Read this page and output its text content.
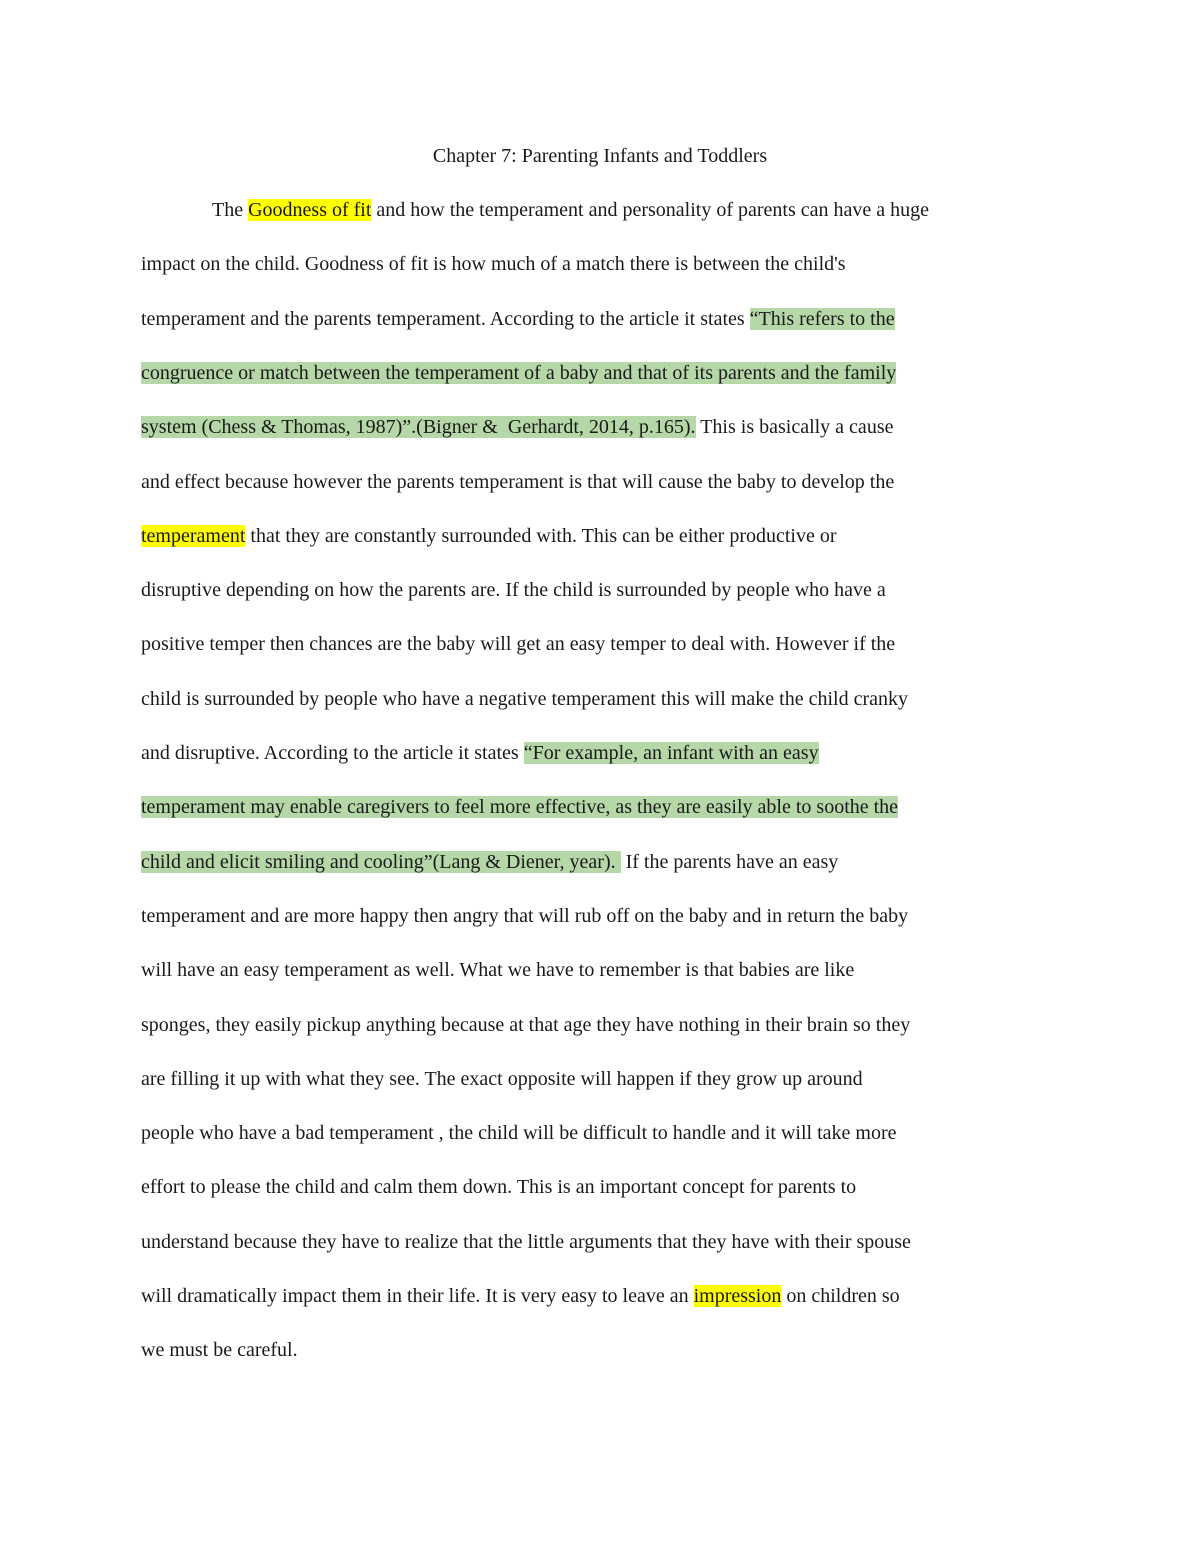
Chapter 7: Parenting Infants and Toddlers
The Goodness of fit and how the temperament and personality of parents can have a huge
impact on the child. Goodness of fit is how much of a match there is between the child's
temperament and the parents temperament. According to the article it states “This refers to the
congruence or match between the temperament of a baby and that of its parents and the family
system (Chess & Thomas, 1987)”.(Bigner &  Gerhardt, 2014, p.165). This is basically a cause
and effect because however the parents temperament is that will cause the baby to develop the
temperament that they are constantly surrounded with. This can be either productive or
disruptive depending on how the parents are. If the child is surrounded by people who have a
positive temper then chances are the baby will get an easy temper to deal with. However if the
child is surrounded by people who have a negative temperament this will make the child cranky
and disruptive. According to the article it states “For example, an infant with an easy
temperament may enable caregivers to feel more effective, as they are easily able to soothe the
child and elicit smiling and cooling”(Lang & Diener, year).  If the parents have an easy
temperament and are more happy then angry that will rub off on the baby and in return the baby
will have an easy temperament as well. What we have to remember is that babies are like
sponges, they easily pickup anything because at that age they have nothing in their brain so they
are filling it up with what they see. The exact opposite will happen if they grow up around
people who have a bad temperament , the child will be difficult to handle and it will take more
effort to please the child and calm them down. This is an important concept for parents to
understand because they have to realize that the little arguments that they have with their spouse
will dramatically impact them in their life. It is very easy to leave an impression on children so
we must be careful.
